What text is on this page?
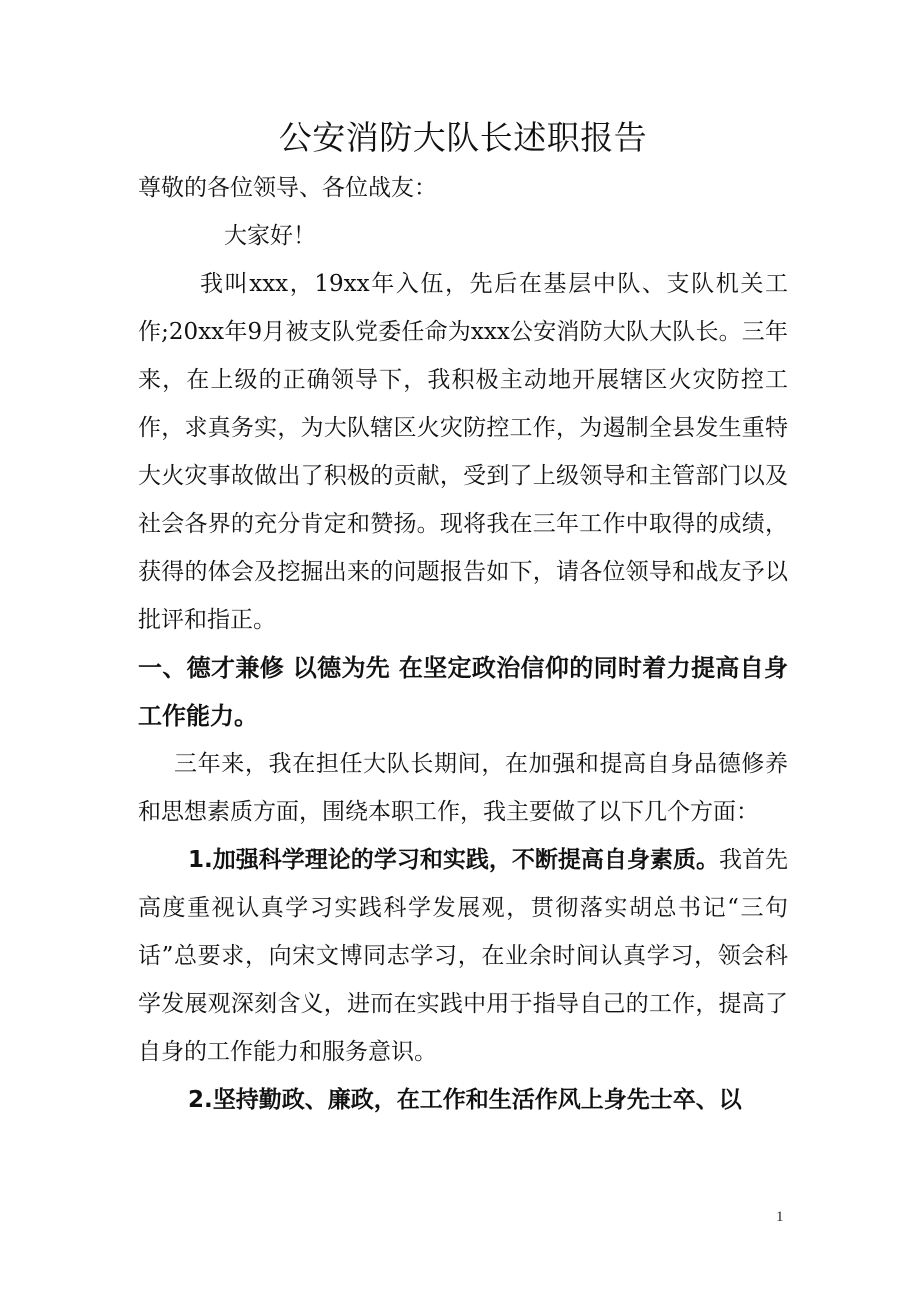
公安消防大队长述职报告

尊敬的各位领导、各位战友：

大家好！

我叫xxx，19xx年入伍，先后在基层中队、支队机关工作;20xx年9月被支队党委任命为xxx公安消防大队大队长。三年来，在上级的正确领导下，我积极主动地开展辖区火灾防控工作，求真务实，为大队辖区火灾防控工作，为遏制全县发生重特大火灾事故做出了积极的贡献，受到了上级领导和主管部门以及社会各界的充分肯定和赞扬。现将我在三年工作中取得的成绩，获得的体会及挖掘出来的问题报告如下，请各位领导和战友予以批评和指正。

一、德才兼修 以德为先 在坚定政治信仰的同时着力提高自身工作能力。

三年来，我在担任大队长期间，在加强和提高自身品德修养和思想素质方面，围绕本职工作，我主要做了以下几个方面：

1.加强科学理论的学习和实践，不断提高自身素质。我首先高度重视认真学习实践科学发展观，贯彻落实胡总书记“三句话”总要求，向宋文博同志学习，在业余时间认真学习，领会科学发展观深刻含义，进而在实践中用于指导自己的工作，提高了自身的工作能力和服务意识。

2.坚持勤政、廉政，在工作和生活作风上身先士卒、以

1
